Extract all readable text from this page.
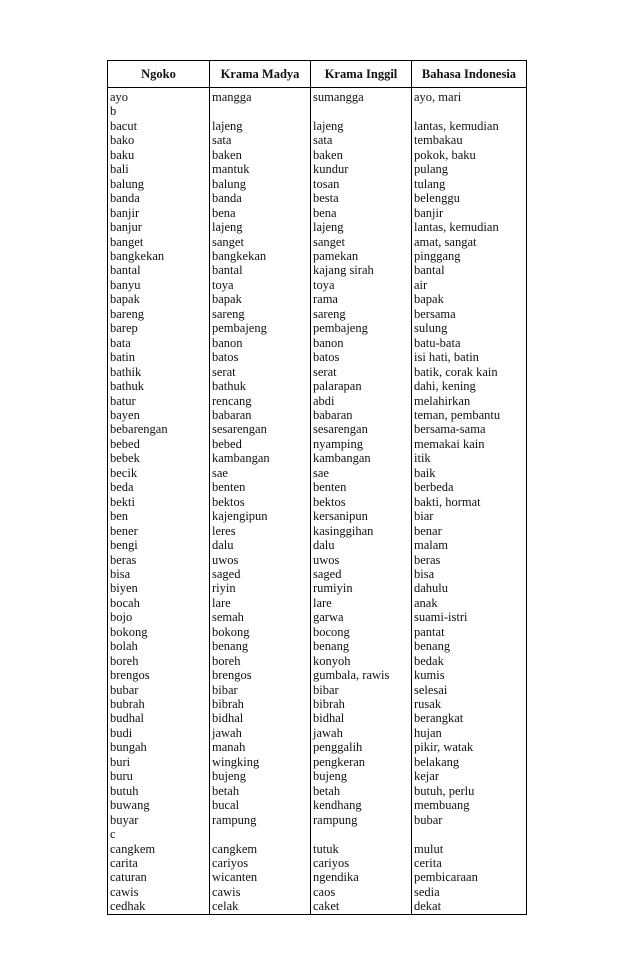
Ngoko	Krama Madya	Krama Inggil	Bahasa Indonesia
ayo	mangga	sumangga	ayo, mari
b			
bacut	lajeng	lajeng	lantas, kemudian
bako	sata	sata	tembakau
baku	baken	baken	pokok, baku
bali	mantuk	kundur	pulang
balung	balung	tosan	tulang
banda	banda	besta	belenggu
banjir	bena	bena	banjir
banjur	lajeng	lajeng	lantas, kemudian
banget	sanget	sanget	amat, sangat
bangkekan	bangkekan	pamekan	pinggang
bantal	bantal	kajang sirah	bantal
banyu	toya	toya	air
bapak	bapak	rama	bapak
bareng	sareng	sareng	bersama
barep	pembajeng	pembajeng	sulung
bata	banon	banon	batu-bata
batin	batos	batos	isi hati, batin
bathik	serat	serat	batik, corak kain
bathuk	bathuk	palarapan	dahi, kening
batur	rencang	abdi	melahirkan
bayen	babaran	babaran	teman, pembantu
bebarengan	sesarengan	sesarengan	bersama-sama
bebed	bebed	nyamping	memakai kain
bebek	kambangan	kambangan	itik
becik	sae	sae	baik
beda	benten	benten	berbeda
bekti	bektos	bektos	bakti, hormat
ben	kajengipun	kersanipun	biar
bener	leres	kasinggihan	benar
bengi	dalu	dalu	malam
beras	uwos	uwos	beras
bisa	saged	saged	bisa
biyen	riyin	rumiyin	dahulu
bocah	lare	lare	anak
bojo	semah	garwa	suami-istri
bokong	bokong	bocong	pantat
bolah	benang	benang	benang
boreh	boreh	konyoh	bedak
brengos	brengos	gumbala, rawis	kumis
bubar	bibar	bibar	selesai
bubrah	bibrah	bibrah	rusak
budhal	bidhal	bidhal	berangkat
budi	jawah	jawah	hujan
bungah	manah	penggalih	pikir, watak
buri	wingking	pengkeran	belakang
buru	bujeng	bujeng	kejar
butuh	betah	betah	butuh, perlu
buwang	bucal	kendhang	membuang
buyar	rampung	rampung	bubar
c			
cangkem	cangkem	tutuk	mulut
carita	cariyos	cariyos	cerita
caturan	wicanten	ngendika	pembicaraan
cawis	cawis	caos	sedia
cedhak	celak	caket	dekat
